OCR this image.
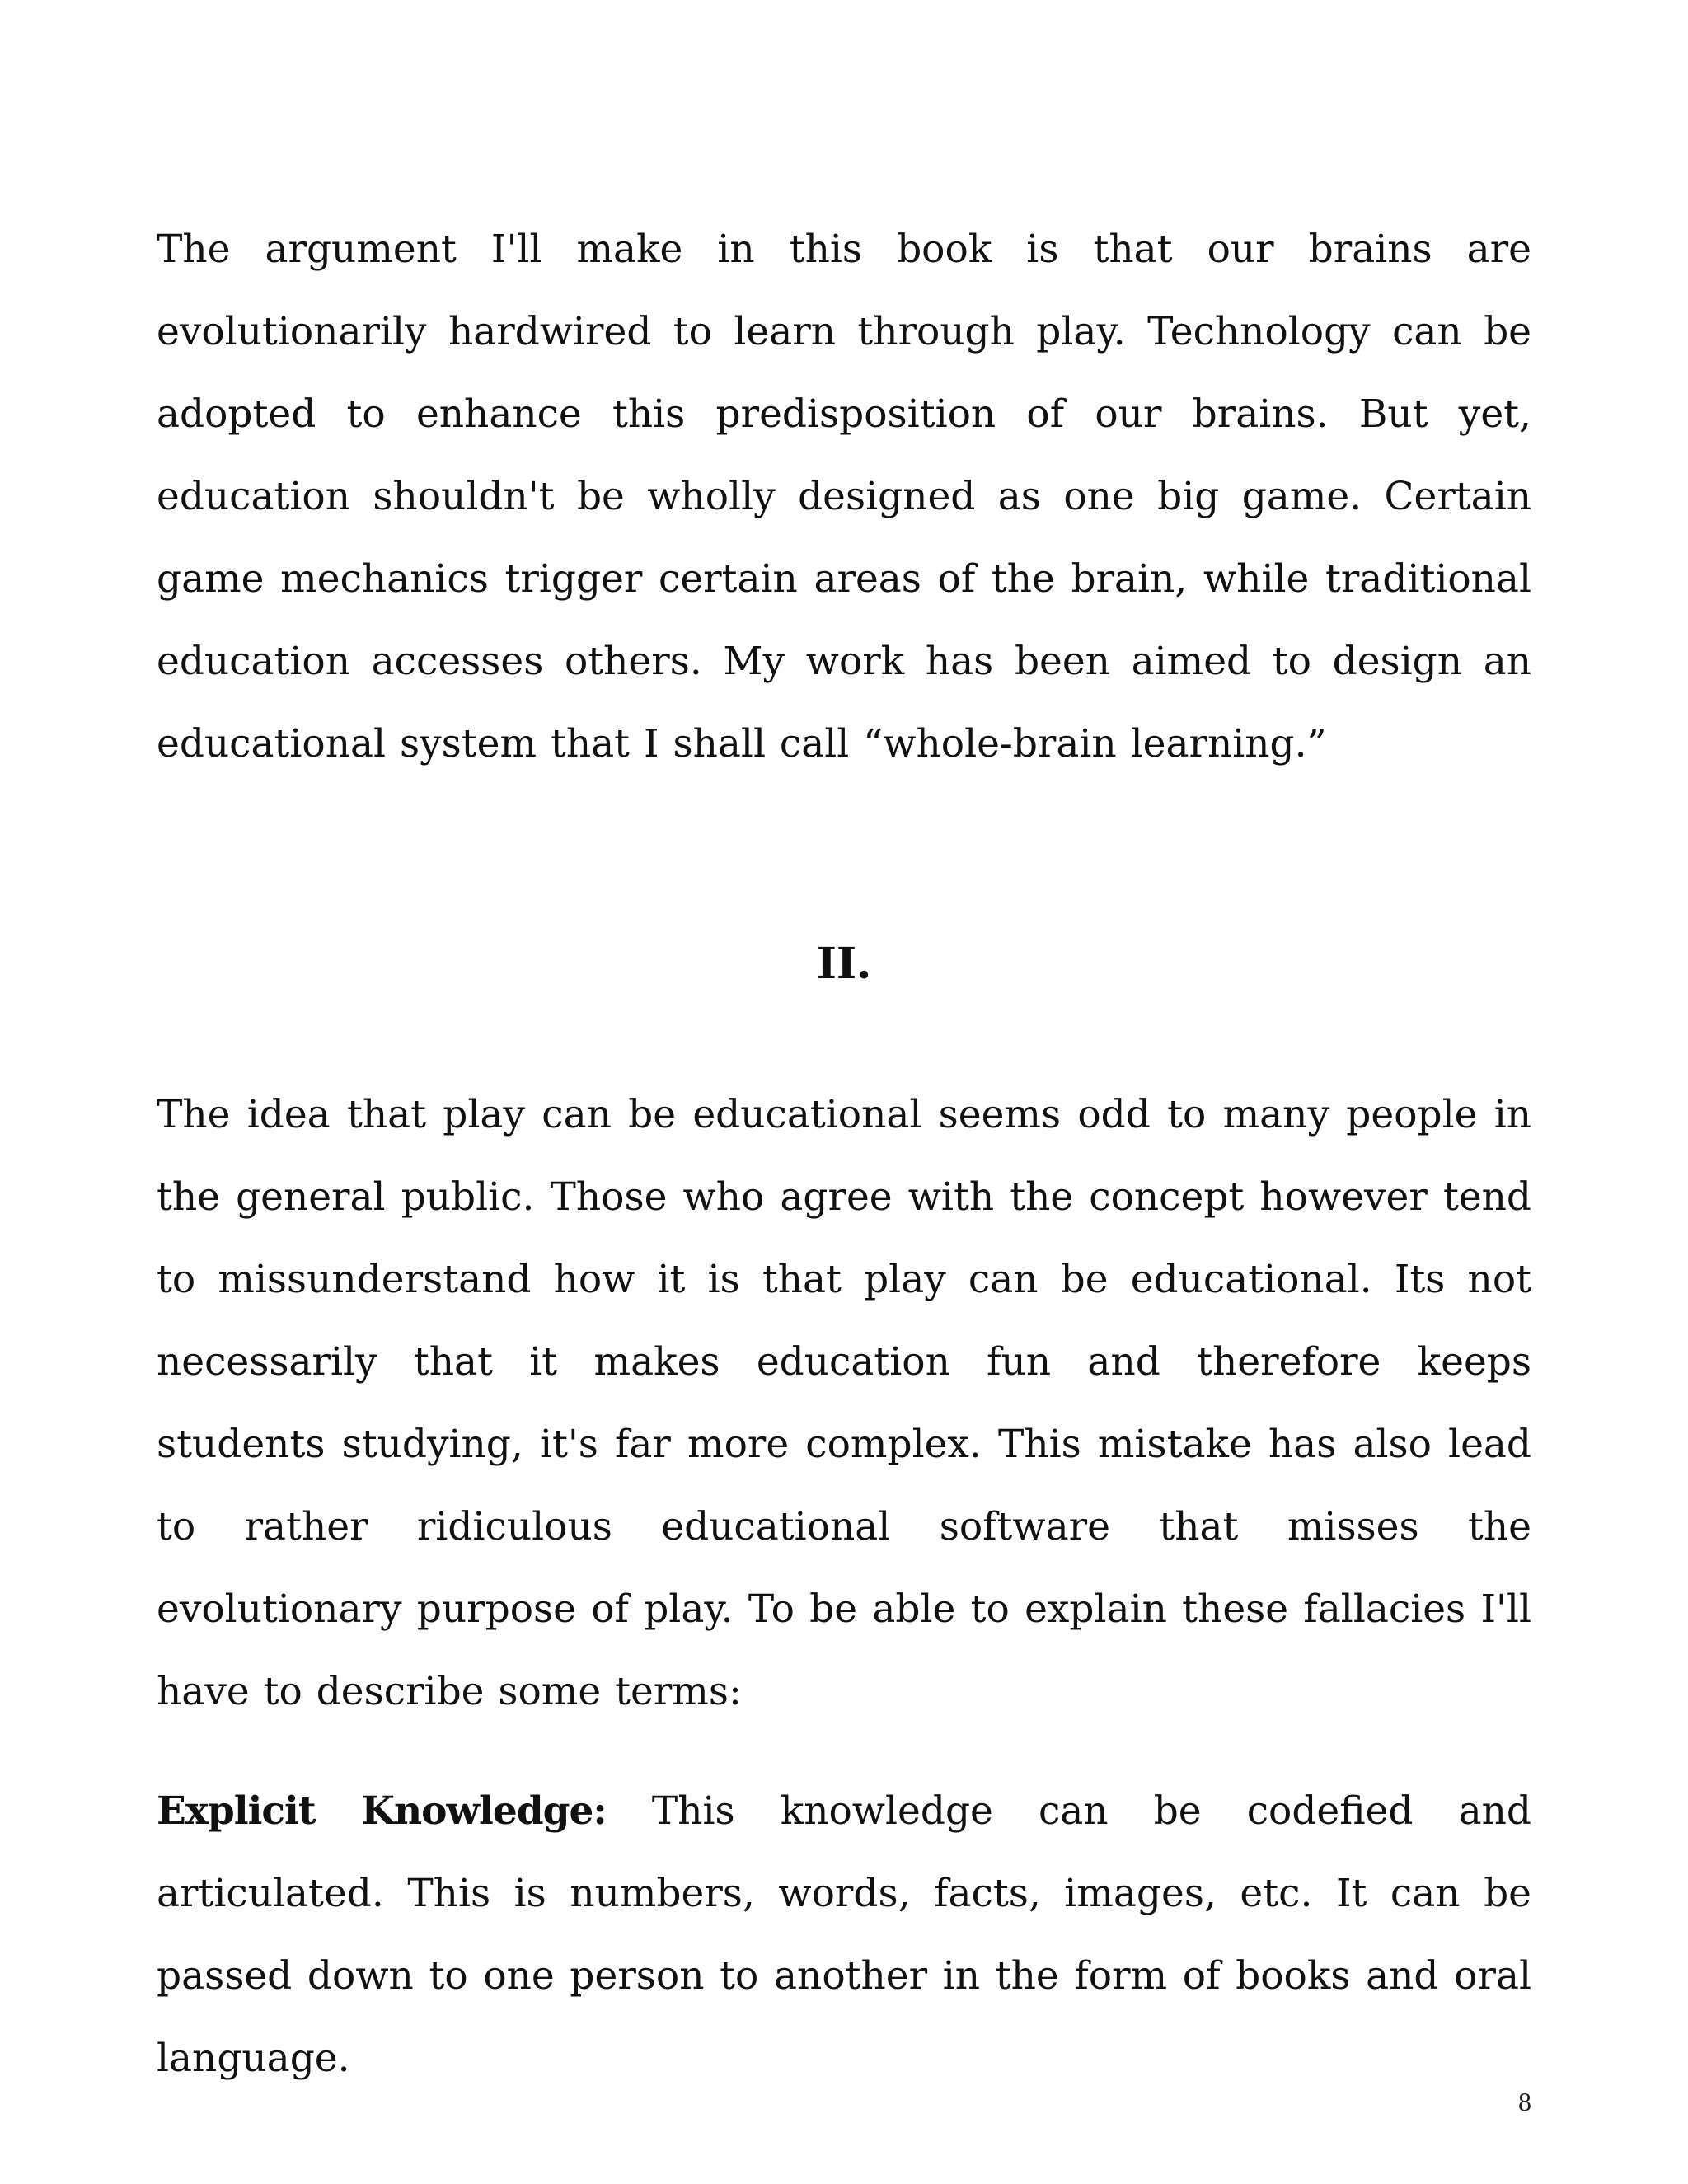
The argument I'll make in this book is that our brains are evolutionarily hardwired to learn through play. Technology can be adopted to enhance this predisposition of our brains. But yet, education shouldn't be wholly designed as one big game. Certain game mechanics trigger certain areas of the brain, while traditional education accesses others. My work has been aimed to design an educational system that I shall call “whole-brain learning.”

II.

The idea that play can be educational seems odd to many people in the general public. Those who agree with the concept however tend to missunderstand how it is that play can be educational. Its not necessarily that it makes education fun and therefore keeps students studying, it's far more complex. This mistake has also lead to rather ridiculous educational software that misses the evolutionary purpose of play. To be able to explain these fallacies I'll have to describe some terms:

Explicit Knowledge: This knowledge can be codefied and articulated. This is numbers, words, facts, images, etc. It can be passed down to one person to another in the form of books and oral language.

8
